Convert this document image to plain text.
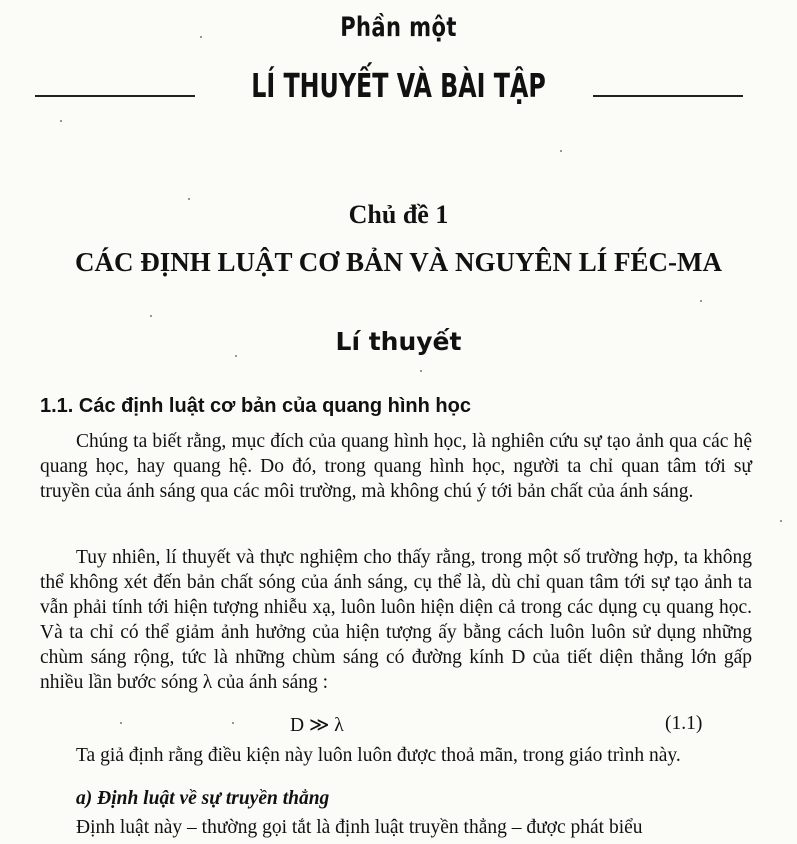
Phần một
LÍ THUYẾT VÀ BÀI TẬP
Chủ đề 1
CÁC ĐỊNH LUẬT CƠ BẢN VÀ NGUYÊN LÍ FÉC-MA
Lí thuyết
1.1. Các định luật cơ bản của quang hình học
Chúng ta biết rằng, mục đích của quang hình học, là nghiên cứu sự tạo ảnh qua các hệ quang học, hay quang hệ. Do đó, trong quang hình học, người ta chỉ quan tâm tới sự truyền của ánh sáng qua các môi trường, mà không chú ý tới bản chất của ánh sáng.
Tuy nhiên, lí thuyết và thực nghiệm cho thấy rằng, trong một số trường hợp, ta không thể không xét đến bản chất sóng của ánh sáng, cụ thể là, dù chỉ quan tâm tới sự tạo ảnh ta vẫn phải tính tới hiện tượng nhiễu xạ, luôn luôn hiện diện cả trong các dụng cụ quang học. Và ta chỉ có thể giảm ảnh hưởng của hiện tượng ấy bằng cách luôn luôn sử dụng những chùm sáng rộng, tức là những chùm sáng có đường kính D của tiết diện thẳng lớn gấp nhiều lần bước sóng λ của ánh sáng :
D ≫ λ	(1.1)
Ta giả định rằng điều kiện này luôn luôn được thoả mãn, trong giáo trình này.
a) Định luật về sự truyền thẳng
Định luật này – thường gọi tắt là định luật truyền thẳng – được phát biểu
